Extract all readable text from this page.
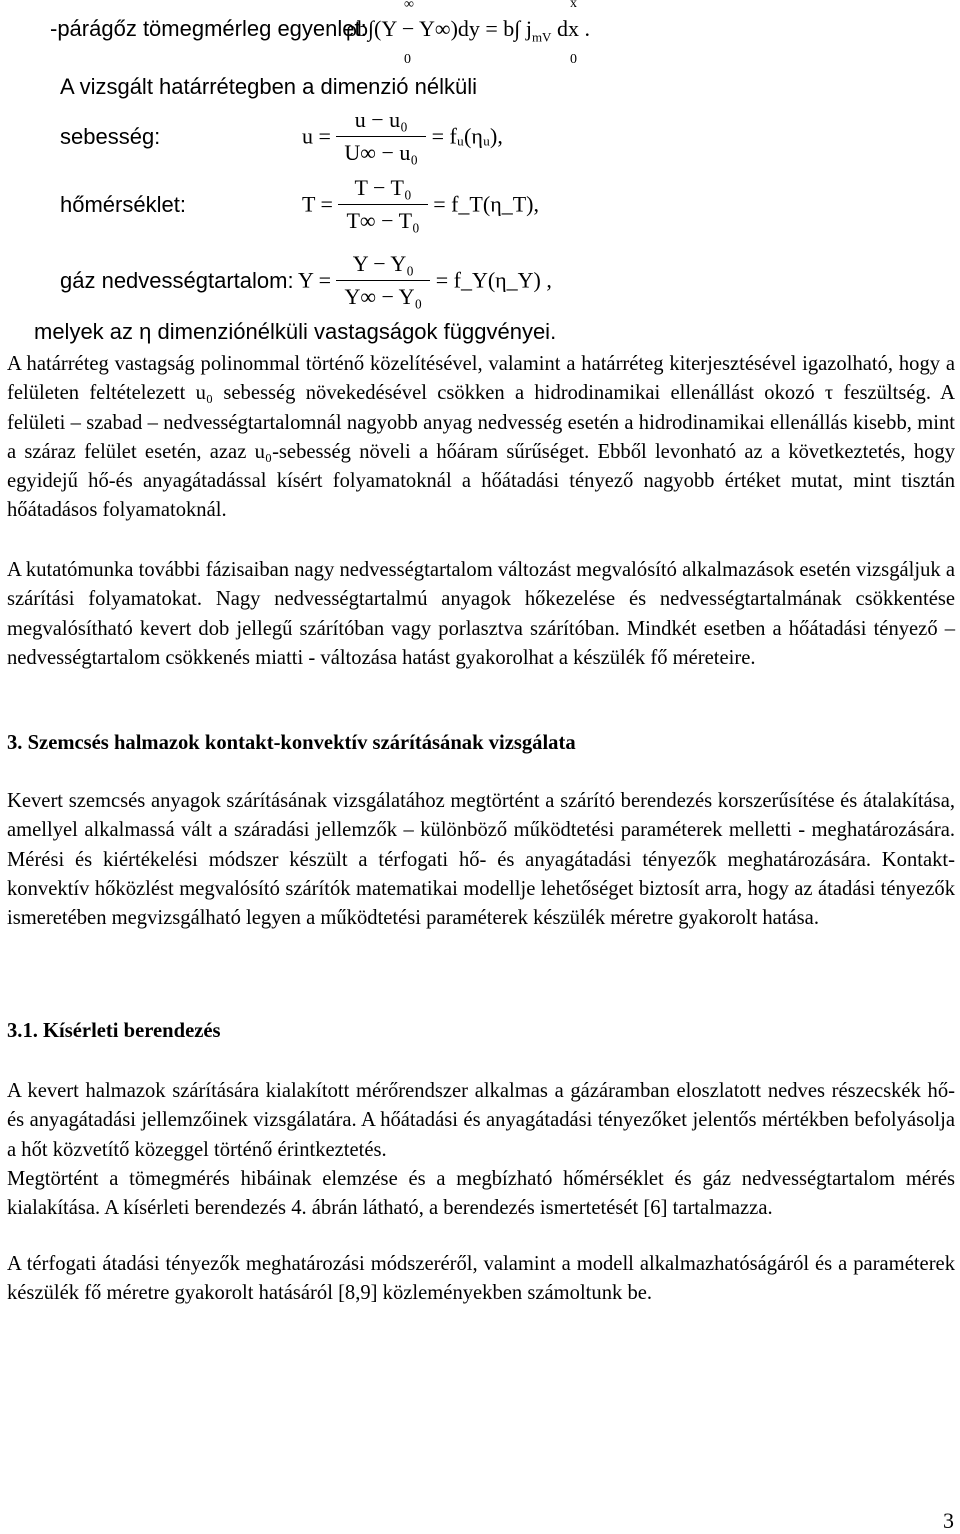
-párágőz tömegmérleg egyenlet:
ρb∫(Y − Y∞)dy = b∫ $j_{mV}$ dx .
∞
0
x
0
A vizsgált határrétegben a dimenzió nélküli
sebesség:	$u = \frac{\text{u − u₀}}{\text{U∞ − u₀}}$ = fᵤ(ηᵤ),
hőmérséklet:	$T = \frac{\text{T − T₀}}{\text{T∞ − T₀}}$ = f_T(η_T),
gáz nedvességtartalom: $Y = \frac{\text{Y − Y₀}}{\text{Y∞ − Y₀}}$ = f_Y(η_Y) ,
melyek az η dimenziónélküli vastagságok függvényei.
A határréteg vastagság polinommal történő közelítésével, valamint a határréteg kiterjesztésével igazolható, hogy a felületen feltételezett u₀ sebesség növekedésével csökken a hidrodinamikai ellenállást okozó τ feszültség. A felületi – szabad – nedvességtartalomnál nagyobb anyag nedvesség esetén a hidrodinamikai ellenállás kisebb, mint a száraz felület esetén, azaz u₀-sebesség növeli a hőáram sűrűséget. Ebből levonható az a következtetés, hogy egyidejű hő-és anyagátadással kísért folyamatoknál a hőátadási tényező nagyobb értéket mutat, mint tisztán hőátadásos folyamatoknál.
A kutatómunka további fázisaiban nagy nedvességtartalom változást megvalósító alkalmazások esetén vizsgáljuk a szárítási folyamatokat. Nagy nedvességtartalmú anyagok hőkezelése és nedvességtartalmának csökkentése megvalósítható kevert dob jellegű szárítóban vagy porlasztva szárítóban. Mindkét esetben a hőátadási tényező – nedvességtartalom csökkenés miatti - változása hatást gyakorolhat a készülék fő méreteire.
3. Szemcsés halmazok kontakt-konvektív szárításának vizsgálata
Kevert szemcsés anyagok szárításának vizsgálatához megtörtént a szárító berendezés korszerűsítése és átalakítása, amellyel alkalmassá vált a száradási jellemzők – különböző működtetési paraméterek melletti - meghatározására. Mérési és kiértékelési módszer készült a térfogati hő- és anyagátadási tényezők meghatározására. Kontakt-konvektív hőközlést megvalósító szárítók matematikai modellje lehetőséget biztosít arra, hogy az átadási tényezők ismeretében megvizsgálható legyen a működtetési paraméterek készülék méretre gyakorolt hatása.
3.1. Kísérleti berendezés
A kevert halmazok szárítására kialakított mérőrendszer alkalmas a gázáramban eloszlatott nedves részecskék hő- és anyagátadási jellemzőinek vizsgálatára. A hőátadási és anyagátadási tényezőket jelentős mértékben befolyásolja a hőt közvetítő közeggel történő érintkeztetés.
Megtörtént a tömegmérés hibáinak elemzése és a megbízható hőmérséklet és gáz nedvességtartalom mérés kialakítása. A kísérleti berendezés 4. ábrán látható, a berendezés ismertetését [6] tartalmazza.
A térfogati átadási tényezők meghatározási módszeréről, valamint a modell alkalmazhatóságáról és a paraméterek készülék fő méretre gyakorolt hatásáról [8,9] közleményekben számoltunk be.
3
